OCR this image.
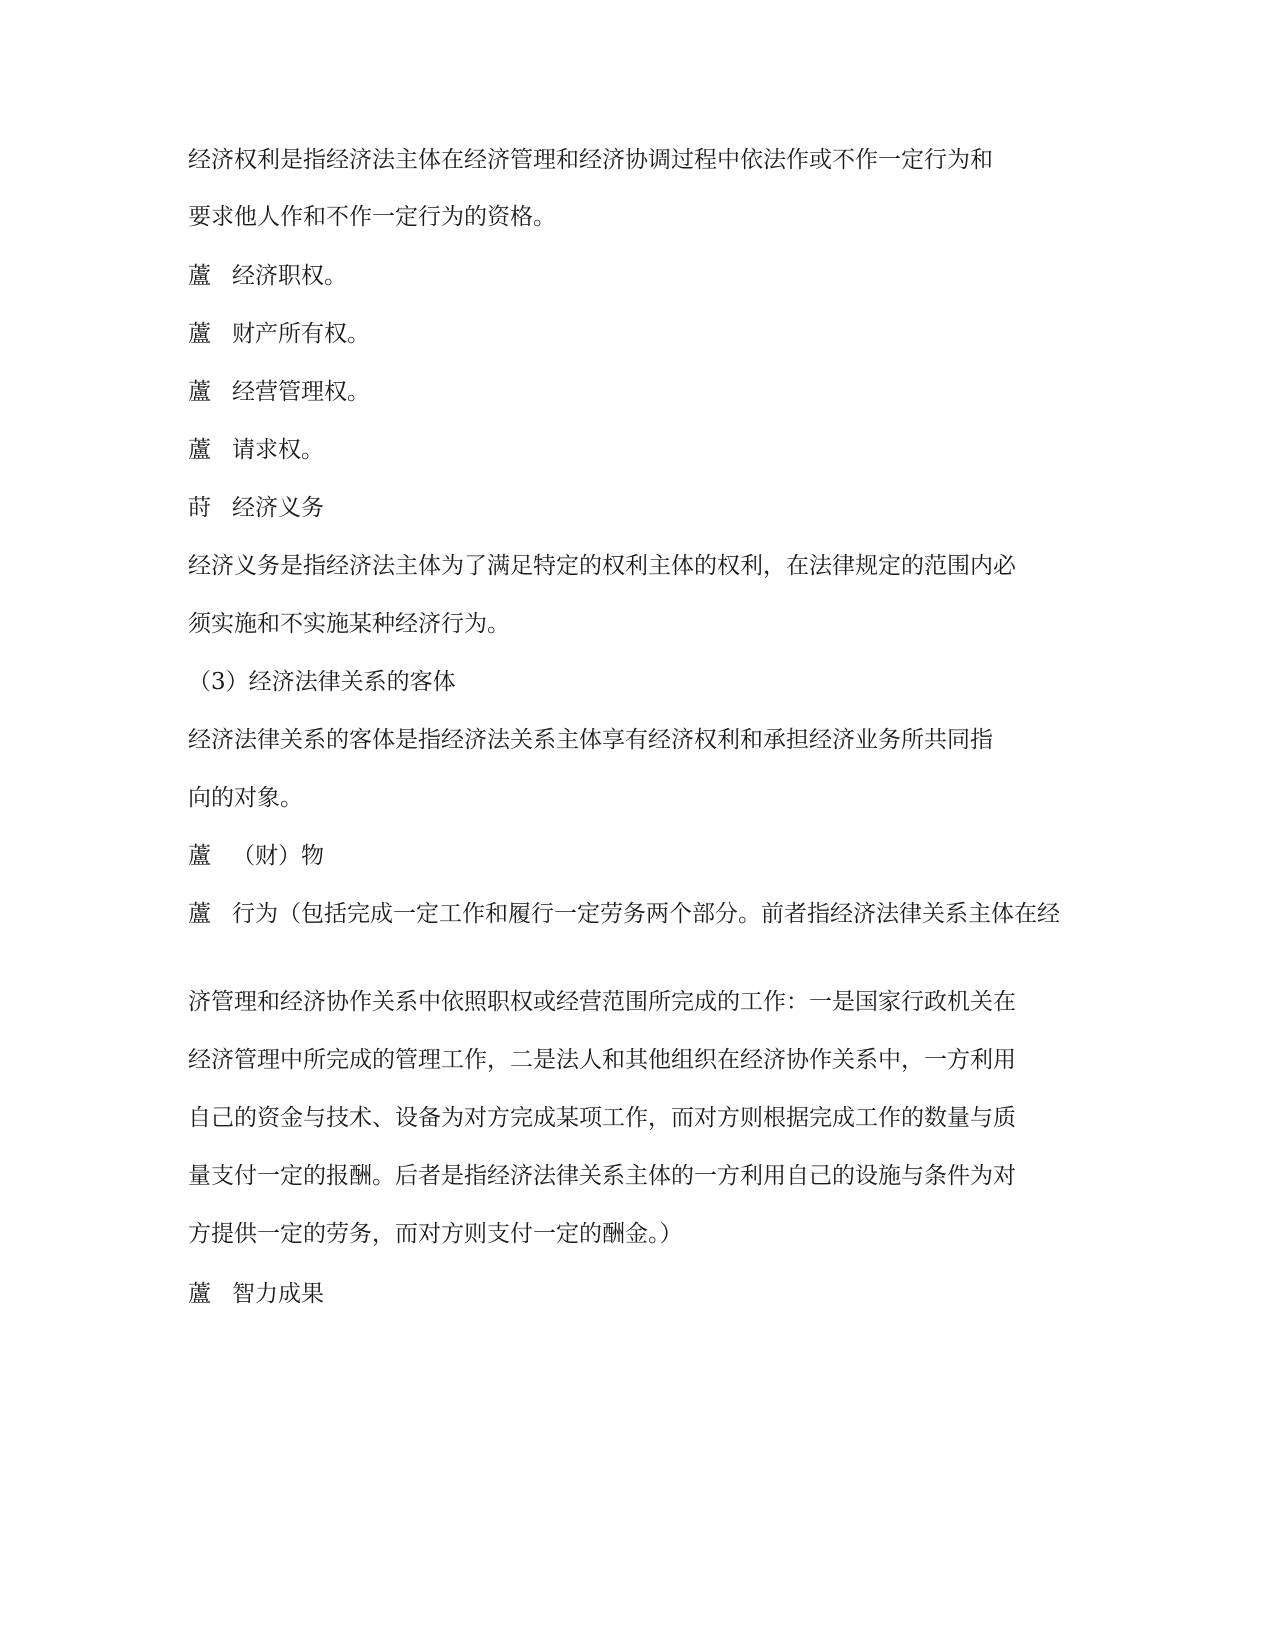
经济权利是指经济法主体在经济管理和经济协调过程中依法作或不作一定行为和

要求他人作和不作一定行为的资格。

蘆 经济职权。

蘆 财产所有权。

蘆 经营管理权。

蘆 请求权。

莳 经济义务

经济义务是指经济法主体为了满足特定的权利主体的权利，在法律规定的范围内必

须实施和不实施某种经济行为。

（3）经济法律关系的客体

经济法律关系的客体是指经济法关系主体享有经济权利和承担经济业务所共同指

向的对象。

蘆 （财）物

蘆 行为（包括完成一定工作和履行一定劳务两个部分。前者指经济法律关系主体在经

济管理和经济协作关系中依照职权或经营范围所完成的工作：一是国家行政机关在

经济管理中所完成的管理工作，二是法人和其他组织在经济协作关系中，一方利用

自己的资金与技术、设备为对方完成某项工作，而对方则根据完成工作的数量与质

量支付一定的报酬。后者是指经济法律关系主体的一方利用自己的设施与条件为对

方提供一定的劳务，而对方则支付一定的酬金。）

蘆 智力成果
